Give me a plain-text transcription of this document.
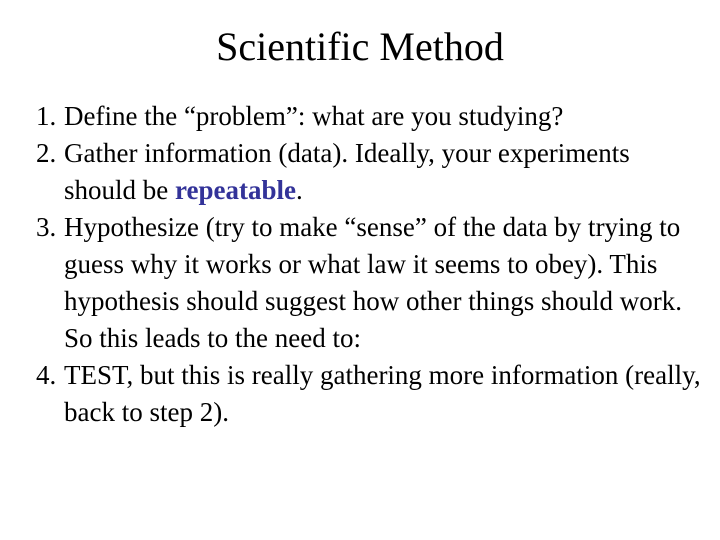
Scientific Method
1. Define the “problem”: what are you studying?
2. Gather information (data). Ideally, your experiments should be repeatable.
3. Hypothesize (try to make “sense” of the data by trying to guess why it works or what law it seems to obey). This hypothesis should suggest how other things should work. So this leads to the need to:
4. TEST, but this is really gathering more information (really, back to step 2).
